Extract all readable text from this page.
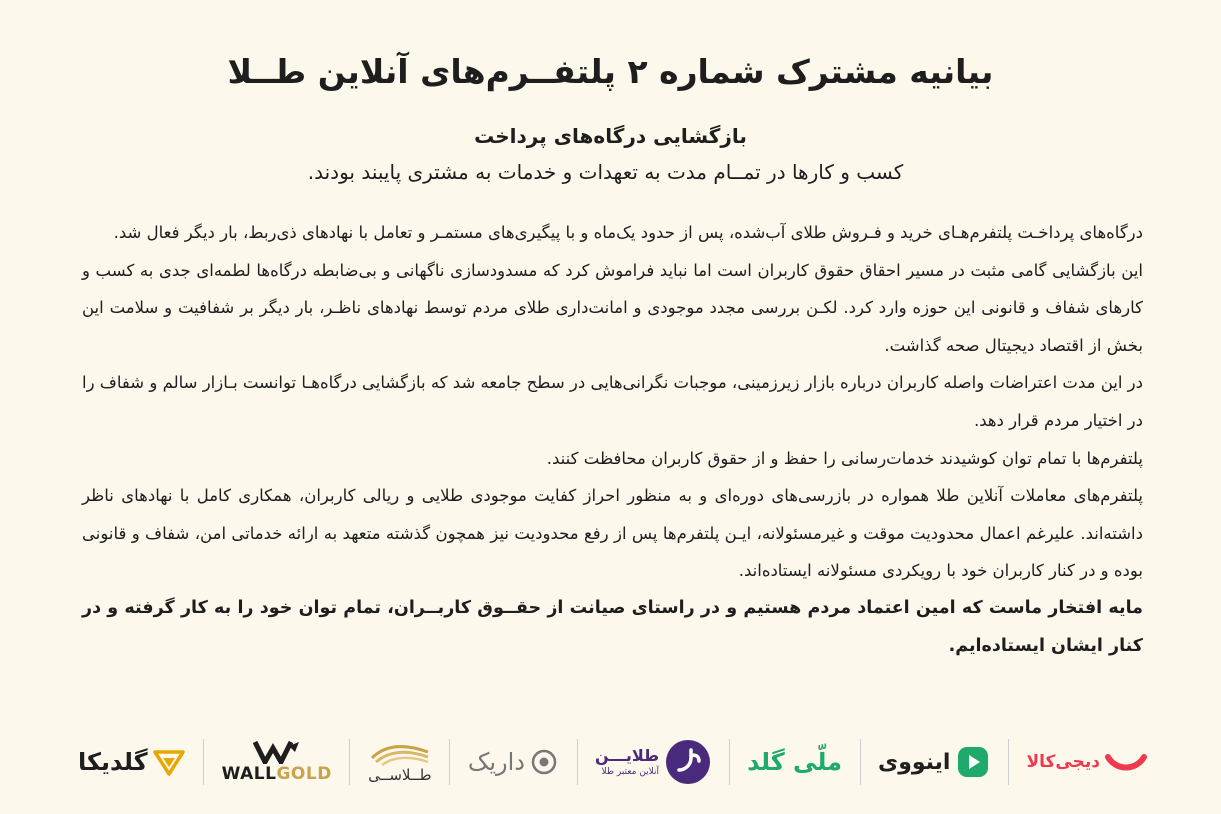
بیانیه مشترک شماره ۲ پلتفــرم‌های آنلاین طــلا
بازگشایی درگاه‌های پرداخت
کسب و کارها در تمــام مدت به تعهدات و خدمات به مشتری پایبند بودند.

درگاه‌های پرداخـت پلتفرم‌هـای خرید و فـروش طلای آب‌شده، پس از حدود یک‌ماه و با پیگیری‌های مستمـر و تعامل با نهادهای ذی‌ربط، بار دیگر فعال شد.

این بازگشایی گامی مثبت در مسیر احقاق حقوق کاربران است اما نباید فراموش کرد که مسدودسازی ناگهانی و بی‌ضابطه درگاه‌ها لطمه‌ای جدی به کسب و کارهای شفاف و قانونی این حوزه وارد کرد. لکـن بررسی مجدد موجودی و امانت‌داری طلای مردم توسط نهادهای ناظـر، بار دیگر بر شفافیت و سلامت این بخش از اقتصاد دیجیتال صحه گذاشت.

در این مدت اعتراضات واصله کاربران درباره بازار زیرزمینی، موجبات نگرانی‌هایی در سطح جامعه شد که بازگشایی درگاه‌هـا توانست بـازار سالم و شفاف را در اختیار مردم قرار دهد.

پلتفرم‌ها با تمام توان کوشیدند خدمات‌رسانی را حفظ و از حقوق کاربران محافظت کنند.

پلتفرم‌های معاملات آنلاین طلا همواره در بازرسی‌های دوره‌ای و به منظور احراز کفایت موجودی طلایی و ریالی کاربران، همکاری کامل با نهادهای ناظر داشته‌اند. علیرغم اعمال محدودیت موقت و غیرمسئولانه، ایـن پلتفرم‌ها پس از رفع محدودیت نیز همچون گذشته متعهد به ارائه خدماتی امن، شفاف و قانونی بوده و در کنار کاربران خود با رویکردی مسئولانه ایستاده‌اند.

مایه افتخار ماست که امین اعتماد مردم هستیم و در راستای صیانت از حقــوق کاربــران، تمام توان خود را به کار گرفته و در کنار ایشان ایستاده‌ایم.

گلدیکا	WALLGOLD طــلاســی داریک	طلایـــن
آنلاین معتبر طلا	ملّی گلد اینووی	دیجی‌کالا
